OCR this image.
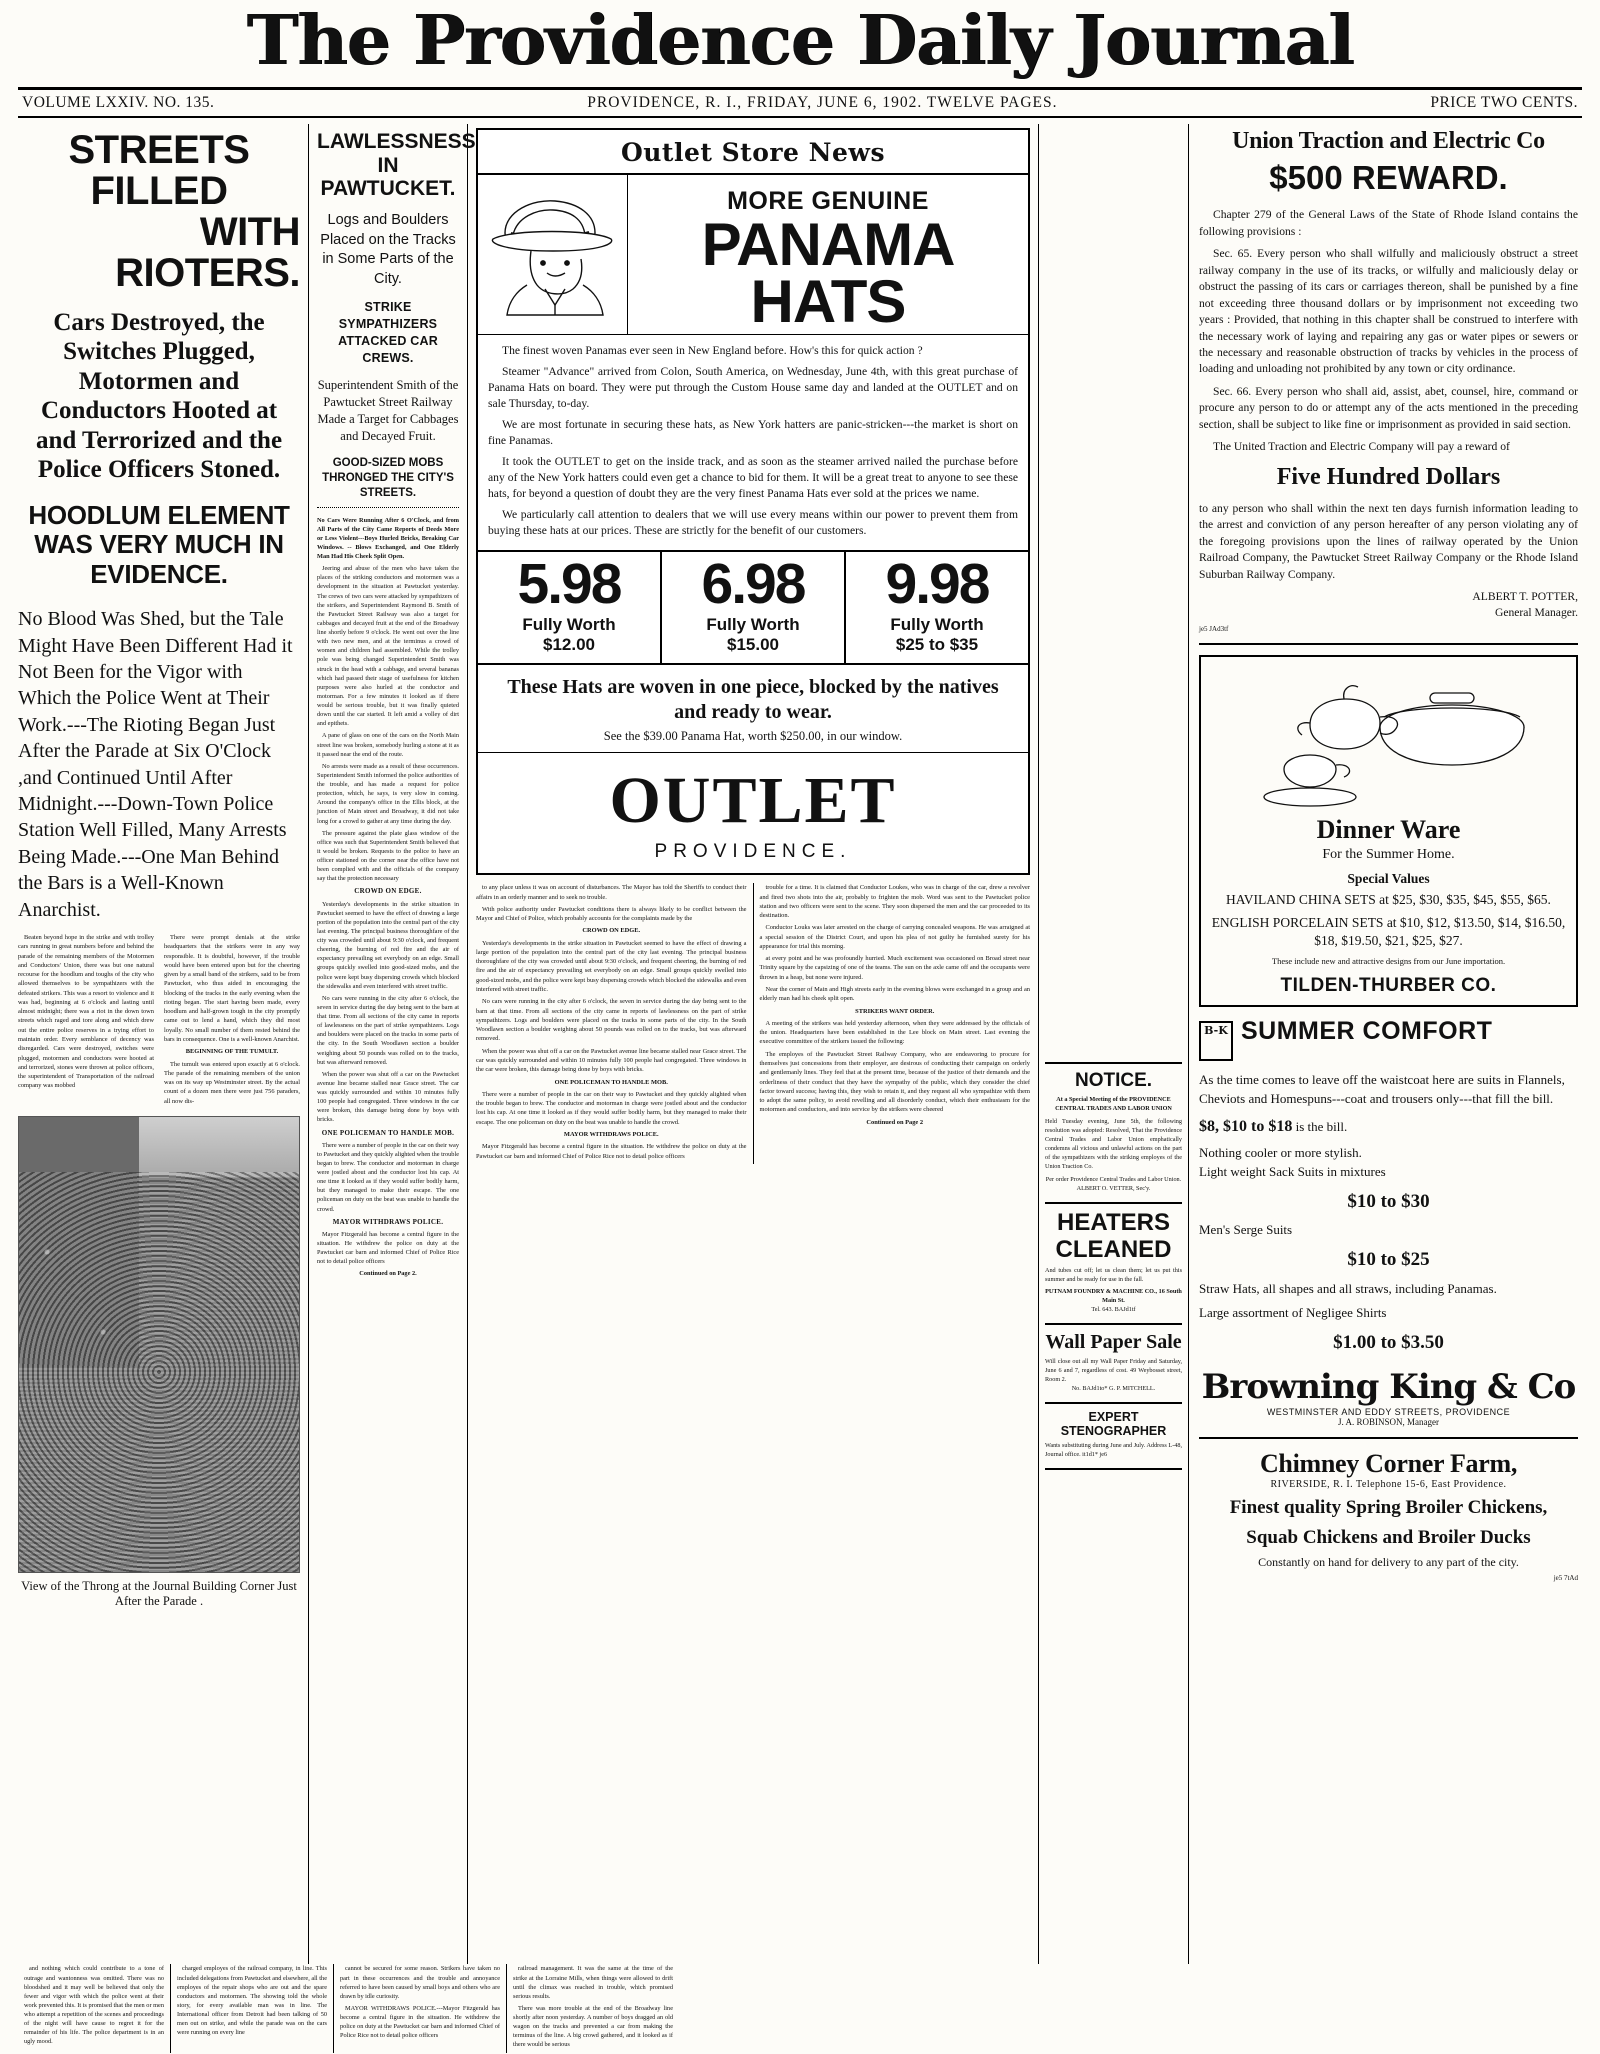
The Providence Daily Journal
VOLUME LXXIV. NO. 135.	PROVIDENCE, R. I., FRIDAY, JUNE 6, 1902. TWELVE PAGES.	PRICE TWO CENTS.
STREETS FILLED
WITH RIOTERS.
Cars Destroyed, the Switches Plugged, Motormen and Conductors Hooted at and Terrorized and the Police Officers Stoned.
HOODLUM ELEMENT WAS VERY MUCH IN EVIDENCE.
No Blood Was Shed, but the Tale Might Have Been Different Had it Not Been for the Vigor with Which the Police Went at Their Work.---The Rioting Began Just After the Parade at Six O'Clock ,and Continued Until After Midnight.---Down-Town Police Station Well Filled, Many Arrests Being Made.---One Man Behind the Bars is a Well-Known Anarchist.

Beaten beyond hope in the strike and with trolley cars running in great numbers before and behind the parade of the remaining members of the Motormen and Conductors' Union, there was but one natural recourse for the hoodlum and toughs of the city who allowed themselves to be sympathizers with the defeated strikers. This was a resort to violence and it was had, beginning at 6 o'clock and lasting until almost midnight; there was a riot in the down town streets which raged and tore along and which drew out the entire police reserves in a trying effort to maintain order. Every semblance of decency was disregarded. Cars were destroyed, switches were plugged, motormen and conductors were hooted at and terrorized, stones were thrown at police officers, the superintendent of Transportation of the railroad company was mobbed

There were prompt denials at the strike headquarters that the strikers were in any way responsible. It is doubtful, however, if the trouble would have been entered upon but for the cheering given by a small band of the strikers, said to be from Pawtucket, who thus aided in encouraging the blocking of the tracks in the early evening when the rioting began. The start having been made, every hoodlum and half-grown tough in the city promptly came out to lend a hand, which they did most loyally. No small number of them rested behind the bars in consequence. One is a well-known Anarchist.

BEGINNING OF THE TUMULT.

The tumult was entered upon exactly at 6 o'clock. The parade of the remaining members of the union was on its way up Westminster street. By the actual count of a dozen men there were just 756 paraders, all now dis-

View of the Throng at the Journal Building Corner Just After the Parade .
LAWLESSNESS IN PAWTUCKET.
Logs and Boulders Placed on the Tracks in Some Parts of the City.
STRIKE SYMPATHIZERS ATTACKED CAR CREWS.
Superintendent Smith of the Pawtucket Street Railway Made a Target for Cabbages and Decayed Fruit.
GOOD-SIZED MOBS THRONGED THE CITY'S STREETS.

No Cars Were Running After 6 O'Clock, and from All Parts of the City Came Reports of Deeds More or Less Violent---Boys Hurled Bricks, Breaking Car Windows. -- Blows Exchanged, and One Elderly Man Had His Cheek Split Open.

Jeering and abuse of the men who have taken the places of the striking conductors and motormen was a development in the situation at Pawtucket yesterday. The crews of two cars were attacked by sympathizers of the strikers, and Superintendent Raymond B. Smith of the Pawtucket Street Railway was also a target for cabbages and decayed fruit at the end of the Broadway line shortly before 9 o'clock. He went out over the line with two new men, and at the terminus a crowd of women and children had assembled. While the trolley pole was being changed Superintendent Smith was struck in the head with a cabbage, and several bananas which had passed their stage of usefulness for kitchen purposes were also hurled at the conductor and motorman. For a few minutes it looked as if there would be serious trouble, but it was finally quieted down until the car started. It left amid a volley of dirt and epithets.

A pane of glass on one of the cars on the North Main street line was broken, somebody hurling a stone at it as it passed near the end of the route.

No arrests were made as a result of these occurrences. Superintendent Smith informed the police authorities of the trouble, and has made a request for police protection, which, he says, is very slow in coming. Around the company's office in the Ellis block, at the junction of Main street and Broadway, it did not take long for a crowd to gather at any time during the day.

The pressure against the plate glass window of the office was such that Superintendent Smith believed that it would be broken. Requests to the police to have an officer stationed on the corner near the office have not been complied with and the officials of the company say that the protection necessary

CROWD ON EDGE.

Yesterday's developments in the strike situation in Pawtucket seemed to have the effect of drawing a large portion of the population into the central part of the city last evening. The principal business thoroughfare of the city was crowded until about 9:30 o'clock, and frequent cheering, the burning of red fire and the air of expectancy prevailing set everybody on an edge. Small groups quickly swelled into good-sized mobs, and the police were kept busy dispersing crowds which blocked the sidewalks and even interfered with street traffic.

No cars were running in the city after 6 o'clock, the seven in service during the day being sent to the barn at that time. From all sections of the city came in reports of lawlessness on the part of strike sympathizers. Logs and boulders were placed on the tracks in some parts of the city. In the South Woodlawn section a boulder weighing about 50 pounds was rolled on to the tracks, but was afterward removed.

When the power was shut off a car on the Pawtucket avenue line became stalled near Grace street. The car was quickly surrounded and within 10 minutes fully 100 people had congregated. Three windows in the car were broken, this damage being done by boys with bricks.

ONE POLICEMAN TO HANDLE MOB.

There were a number of people in the car on their way to Pawtucket and they quickly alighted when the trouble began to brew. The conductor and motorman in charge were jostled about and the conductor lost his cap. At one time it looked as if they would suffer bodily harm, but they managed to make their escape. The one policeman on duty on the beat was unable to handle the crowd.

MAYOR WITHDRAWS POLICE.

Mayor Fitzgerald has become a central figure in the situation. He withdrew the police on duty at the Pawtucket car barn and informed Chief of Police Rice not to detail police officers

Continued on Page 2.

Outlet Store News
MORE GENUINE
PANAMA
HATS

The finest woven Panamas ever seen in New England before. How's this for quick action ?

Steamer "Advance" arrived from Colon, South America, on Wednesday, June 4th, with this great purchase of Panama Hats on board. They were put through the Custom House same day and landed at the OUTLET and on sale Thursday, to-day.

We are most fortunate in securing these hats, as New York hatters are panic-stricken---the market is short on fine Panamas.

It took the OUTLET to get on the inside track, and as soon as the steamer arrived nailed the purchase before any of the New York hatters could even get a chance to bid for them. It will be a great treat to anyone to see these hats, for beyond a question of doubt they are the very finest Panama Hats ever sold at the prices we name.

We particularly call attention to dealers that we will use every means within our power to prevent them from buying these hats at our prices. These are strictly for the benefit of our customers.

5.98
Fully Worth
$12.00
6.98
Fully Worth
$15.00
9.98
Fully Worth
$25 to $35
These Hats are woven in one piece, blocked by the natives and ready to wear.
See the $39.00 Panama Hat, worth $250.00, in our window.
OUTLET
PROVIDENCE.

to any place unless it was on account of disturbances. The Mayor has told the Sheriffs to conduct their affairs in an orderly manner and to seek no trouble.

With police authority under Pawtucket conditions there is always likely to be conflict between the Mayor and Chief of Police, which probably accounts for the complaints made by the

CROWD ON EDGE.

Yesterday's developments in the strike situation in Pawtucket seemed to have the effect of drawing a large portion of the population into the central part of the city last evening. The principal business thoroughfare of the city was crowded until about 9:30 o'clock, and frequent cheering, the burning of red fire and the air of expectancy prevailing set everybody on an edge. Small groups quickly swelled into good-sized mobs, and the police were kept busy dispersing crowds which blocked the sidewalks and even interfered with street traffic.

No cars were running in the city after 6 o'clock, the seven in service during the day being sent to the barn at that time. From all sections of the city came in reports of lawlessness on the part of strike sympathizers. Logs and boulders were placed on the tracks in some parts of the city. In the South Woodlawn section a boulder weighing about 50 pounds was rolled on to the tracks, but was afterward removed.

When the power was shut off a car on the Pawtucket avenue line became stalled near Grace street. The car was quickly surrounded and within 10 minutes fully 100 people had congregated. Three windows in the car were broken, this damage being done by boys with bricks.

ONE POLICEMAN TO HANDLE MOB.

There were a number of people in the car on their way to Pawtucket and they quickly alighted when the trouble began to brew. The conductor and motorman in charge were jostled about and the conductor lost his cap. At one time it looked as if they would suffer bodily harm, but they managed to make their escape. The one policeman on duty on the beat was unable to handle the crowd.

MAYOR WITHDRAWS POLICE.

Mayor Fitzgerald has become a central figure in the situation. He withdrew the police on duty at the Pawtucket car barn and informed Chief of Police Rice not to detail police officers

trouble for a time. It is claimed that Conductor Loukes, who was in charge of the car, drew a revolver and fired two shots into the air, probably to frighten the mob. Word was sent to the Pawtucket police station and two officers were sent to the scene. They soon dispersed the men and the car proceeded to its destination.

Conductor Louks was later arrested on the charge of carrying concealed weapons. He was arraigned at a special session of the District Court, and upon his plea of not guilty he furnished surety for his appearance for trial this morning.

at every point and he was profoundly hurried. Much excitement was occasioned on Broad street near Trinity square by the capsizing of one of the teams. The sun on the axle came off and the occupants were thrown in a heap, but none were injured.

Near the corner of Main and High streets early in the evening blows were exchanged in a group and an elderly man had his cheek split open.

STRIKERS WANT ORDER.

A meeting of the strikers was held yesterday afternoon, when they were addressed by the officials of the union. Headquarters have been established in the Lee block on Main street. Last evening the executive committee of the strikers issued the following:

The employes of the Pawtucket Street Railway Company, who are endeavoring to procure for themselves just concessions from their employer, are desirous of conducting their campaign on orderly and gentlemanly lines. They feel that at the present time, because of the justice of their demands and the orderliness of their conduct that they have the sympathy of the public, which they consider the chief factor toward success; having this, they wish to retain it, and they request all who sympathize with them to adopt the same policy, to avoid revelling and all disorderly conduct, which their enthusiasm for the motormen and conductors, and into service by the strikers were cheered

Continued on Page 2

NOTICE.
At a Special Meeting of the PROVIDENCE CENTRAL TRADES AND LABOR UNION
Held Tuesday evening, June 5th, the following resolution was adopted: Resolved, That the Providence Central Trades and Labor Union emphatically condemns all vicious and unlawful actions on the part of the sympathizers with the striking employes of the Union Traction Co.
Per order Providence Central Trades and Labor Union. ALBERT O. VETTER, Sec'y.
HEATERS CLEANED
And tubes cut off; let us clean them; let us put this summer and be ready for use in the fall.
PUTNAM FOUNDRY & MACHINE CO., 16 South Main St.
Tel. 643. BAJd1tf
Wall Paper Sale
Will close out all my Wall Paper Friday and Saturday, June 6 and 7, regardless of cost. 49 Weybosset street, Room 2.
No. BAJd1to* G. P. MITCHELL.
EXPERT STENOGRAPHER
Wants substituting during June and July. Address L-48, Journal office. it1d1* je6
Union Traction and Electric Co
$500 REWARD.

Chapter 279 of the General Laws of the State of Rhode Island contains the following provisions :

Sec. 65. Every person who shall wilfully and maliciously obstruct a street railway company in the use of its tracks, or wilfully and maliciously delay or obstruct the passing of its cars or carriages thereon, shall be punished by a fine not exceeding three thousand dollars or by imprisonment not exceeding two years : Provided, that nothing in this chapter shall be construed to interfere with the necessary work of laying and repairing any gas or water pipes or sewers or the necessary and reasonable obstruction of tracks by vehicles in the process of loading and unloading not prohibited by any town or city ordinance.

Sec. 66. Every person who shall aid, assist, abet, counsel, hire, command or procure any person to do or attempt any of the acts mentioned in the preceding section, shall be subject to like fine or imprisonment as provided in said section.

The United Traction and Electric Company will pay a reward of

Five Hundred Dollars

to any person who shall within the next ten days furnish information leading to the arrest and conviction of any person hereafter of any person violating any of the foregoing provisions upon the lines of railway operated by the Union Railroad Company, the Pawtucket Street Railway Company or the Rhode Island Suburban Railway Company.

ALBERT T. POTTER,
General Manager.
je5 JAd3tf
Dinner Ware
For the Summer Home.
Special Values
HAVILAND CHINA SETS at $25, $30, $35, $45, $55, $65.
ENGLISH PORCELAIN SETS at $10, $12, $13.50, $14, $16.50, $18, $19.50, $21, $25, $27.
These include new and attractive designs from our June importation.
TILDEN-THURBER CO.
B-K SUMMER COMFORT
As the time comes to leave off the waistcoat here are suits in Flannels, Cheviots and Homespuns---coat and trousers only---that fill the bill.
$8, $10 to $18 is the bill.
Nothing cooler or more stylish.
Light weight Sack Suits in mixtures
$10 to $30
Men's Serge Suits
$10 to $25
Straw Hats, all shapes and all straws, including Panamas.
Large assortment of Negligee Shirts
$1.00 to $3.50
Browning King & Co
WESTMINSTER AND EDDY STREETS, PROVIDENCE
J. A. ROBINSON, Manager
Chimney Corner Farm,
RIVERSIDE, R. I. Telephone 15-6, East Providence.
Finest quality Spring Broiler Chickens,
Squab Chickens and Broiler Ducks
Constantly on hand for delivery to any part of the city.
je5 7tAd

and nothing which could contribute to a tone of outrage and wantonness was omitted. There was no bloodshed and it may well be believed that only the fewer and vigor with which the police went at their work prevented this. It is promised that the men or men who attempt a repetition of the scenes and proceedings of the night will have cause to regret it for the remainder of his life. The police department is in an ugly mood.

charged employes of the railroad company, in line. This included delegations from Pawtucket and elsewhere, all the employes of the repair shops who are out and the spare conductors and motormen. The showing told the whole story, for every available man was in line. The International officer from Detroit had been talking of 50 men out on strike, and while the parade was on the cars were running on every line

cannot be secured for some reason. Strikers have taken no part in these occurrences and the trouble and annoyance referred to have been caused by small boys and others who are drawn by idle curiosity.

MAYOR WITHDRAWS POLICE.---Mayor Fitzgerald has become a central figure in the situation. He withdrew the police on duty at the Pawtucket car barn and informed Chief of Police Rice not to detail police officers

railroad management. It was the same at the time of the strike at the Lorraine Mills, when things were allowed to drift until the climax was reached in trouble, which promised serious results.

There was more trouble at the end of the Broadway line shortly after noon yesterday. A number of boys dragged an old wagon on the tracks and prevented a car from making the terminus of the line. A big crowd gathered, and it looked as if there would be serious
